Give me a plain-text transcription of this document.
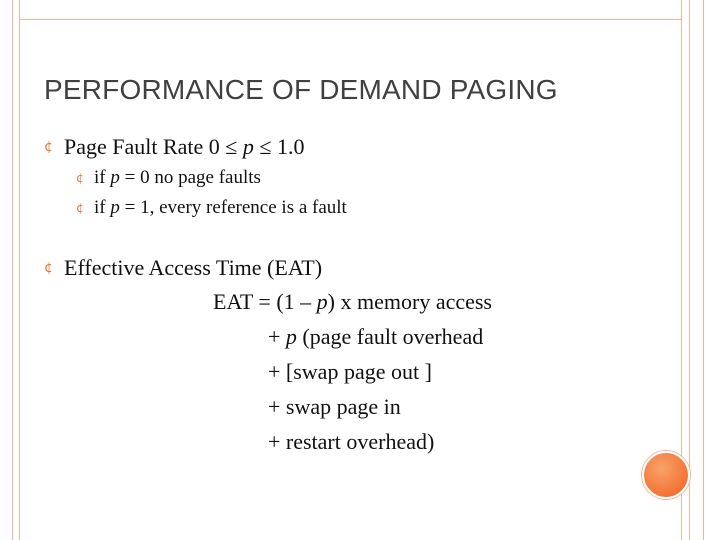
PERFORMANCE OF DEMAND PAGING
¢ Page Fault Rate 0 ≤ p ≤ 1.0
¢ if p = 0 no page faults
¢ if p = 1, every reference is a fault
¢ Effective Access Time (EAT)
EAT = (1 – p) x memory access
+ p (page fault overhead
+ [swap page out ]
+ swap page in
+ restart overhead)
